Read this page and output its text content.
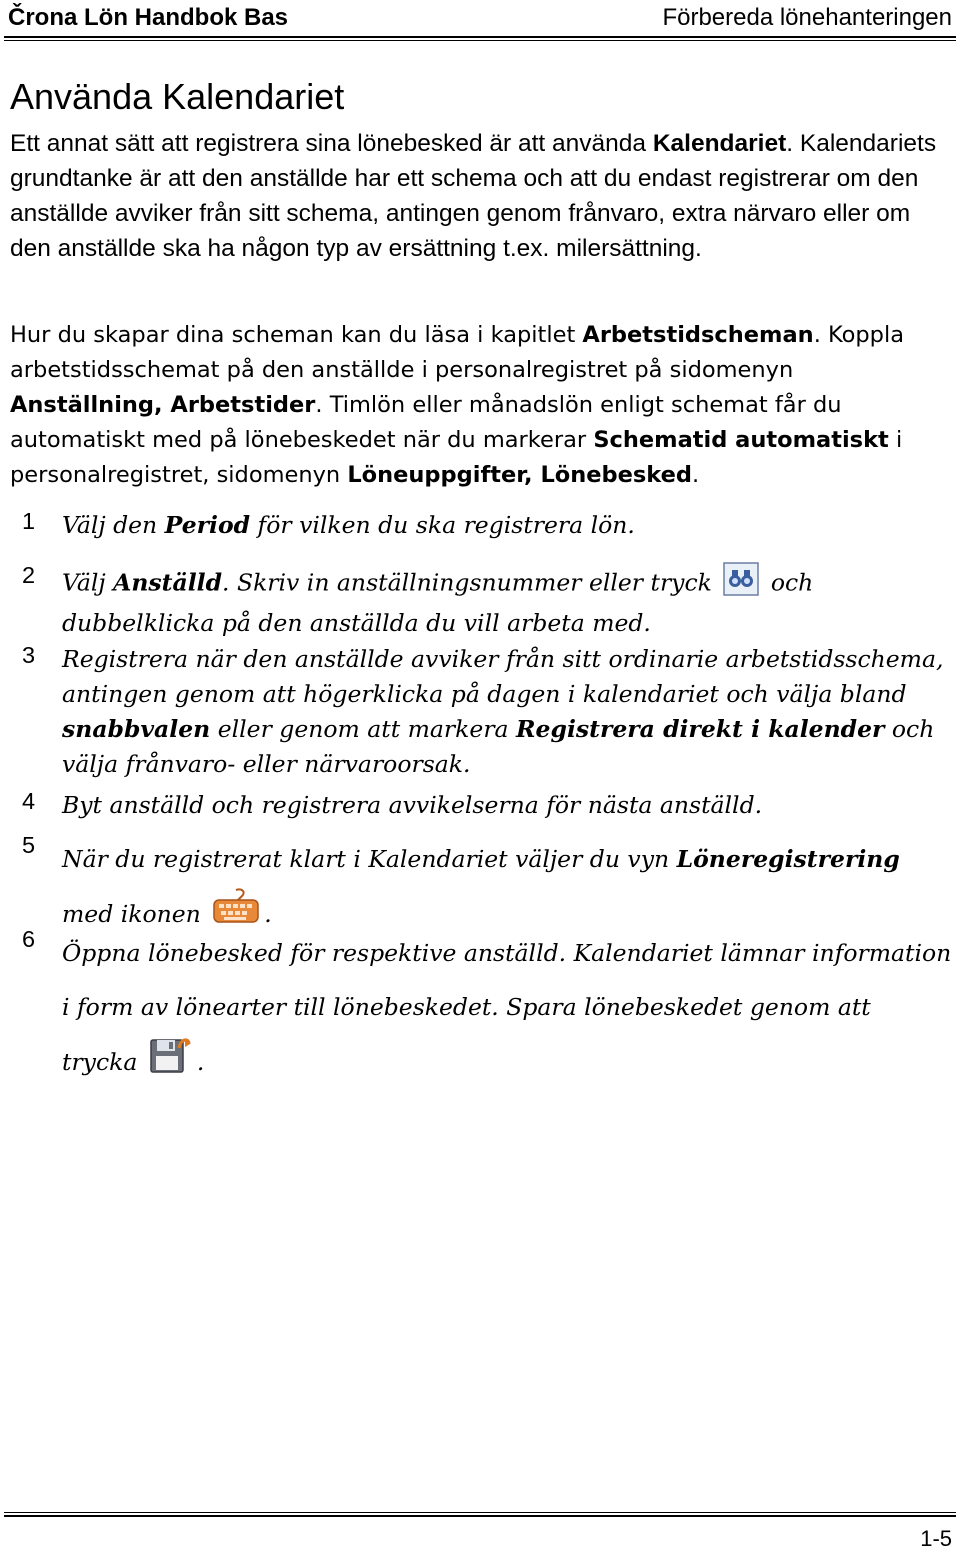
Črona Lön Handbok Bas	Förbereda lönehanteringen
Använda Kalendariet

Ett annat sätt att registrera sina lönebesked är att använda Kalendariet. Kalendariets grundtanke är att den anställde har ett schema och att du endast registrerar om den anställde avviker från sitt schema, antingen genom frånvaro, extra närvaro eller om den anställde ska ha någon typ av ersättning t.ex. milersättning.

Hur du skapar dina scheman kan du läsa i kapitlet Arbetstidscheman. Koppla arbetstidsschemat på den anställde i personalregistret på sidomenyn Anställning, Arbetstider. Timlön eller månadslön enligt schemat får du automatiskt med på lönebeskedet när du markerar Schematid automatiskt i personalregistret, sidomenyn Löneuppgifter, Lönebesked.

1 Välj den Period för vilken du ska registrera lön.
2 Välj Anställd. Skriv in anställningsnummer eller tryck  och dubbelklicka på den anställda du vill arbeta med.
3 Registrera när den anställde avviker från sitt ordinarie arbetstidsschema, antingen genom att högerklicka på dagen i kalendariet och välja bland snabbvalen eller genom att markera Registrera direkt i kalender och välja frånvaro- eller närvaroorsak.
4 Byt anställd och registrera avvikelserna för nästa anställd.
5 När du registrerat klart i Kalendariet väljer du vyn Löneregistrering med ikonen .
6 Öppna lönebesked för respektive anställd. Kalendariet lämnar information i form av lönearter till lönebeskedet. Spara lönebeskedet genom att trycka .
1-5
